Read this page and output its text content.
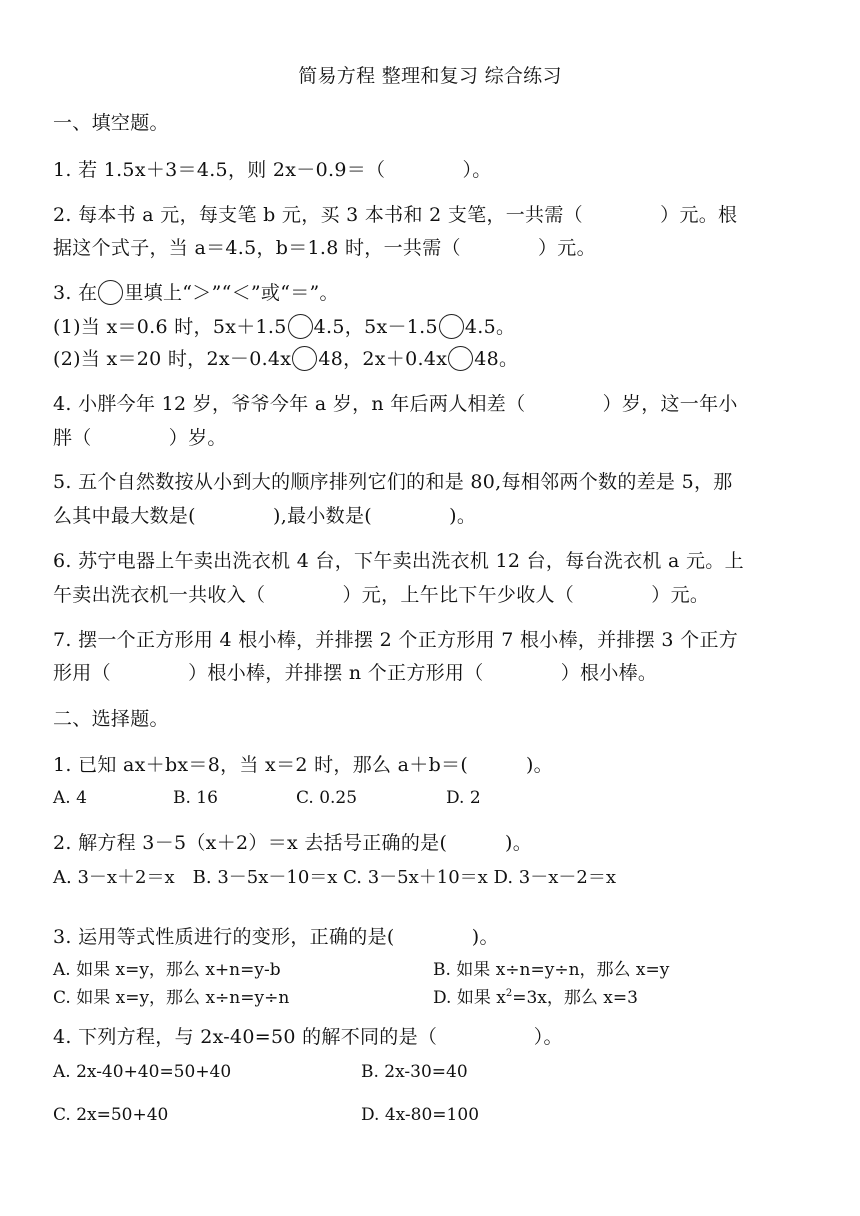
简易方程 整理和复习 综合练习
一、填空题。
1. 若 1.5x＋3＝4.5，则 2x－0.9＝（　　　　）。
2. 每本书 a 元，每支笔 b 元，买 3 本书和 2 支笔，一共需（　　　　）元。根
据这个式子，当 a＝4.5，b＝1.8 时，一共需（　　　　）元。
3. 在 里填上“＞”“＜”或“＝”。
(1)当 x＝0.6 时，5x＋1.5 4.5，5x－1.5 4.5。
(2)当 x＝20 时，2x－0.4x 48，2x＋0.4x 48。
4. 小胖今年 12 岁，爷爷今年 a 岁，n 年后两人相差（　　　　）岁，这一年小
胖（　　　　）岁。
5. 五个自然数按从小到大的顺序排列它们的和是 80,每相邻两个数的差是 5，那
么其中最大数是(　　　　),最小数是(　　　　)。
6. 苏宁电器上午卖出洗衣机 4 台，下午卖出洗衣机 12 台，每台洗衣机 a 元。上
午卖出洗衣机一共收入（　　　　）元，上午比下午少收人（　　　　）元。
7. 摆一个正方形用 4 根小棒，并排摆 2 个正方形用 7 根小棒，并排摆 3 个正方
形用（　　　　）根小棒，并排摆 n 个正方形用（　　　　）根小棒。
二、选择题。
1. 已知 ax＋bx＝8，当 x＝2 时，那么 a＋b＝(　　　)。
A. 4	B. 16	C. 0.25	D. 2
2. 解方程 3－5（x＋2）＝x 去括号正确的是(　　　)。
A. 3－x＋2＝x　B. 3－5x－10＝x C. 3－5x＋10＝x D. 3－x－2＝x
3. 运用等式性质进行的变形，正确的是(　　　　)。
A. 如果 x=y，那么 x+n=y-b	B. 如果 x÷n=y÷n，那么 x=y
C. 如果 x=y，那么 x÷n=y÷n	D. 如果 $x^2=3x$，那么 x=3
4. 下列方程，与 2x-40=50 的解不同的是（　　　　　）。
A. 2x-40+40=50+40	B. 2x-30=40
C. 2x=50+40	D. 4x-80=100
